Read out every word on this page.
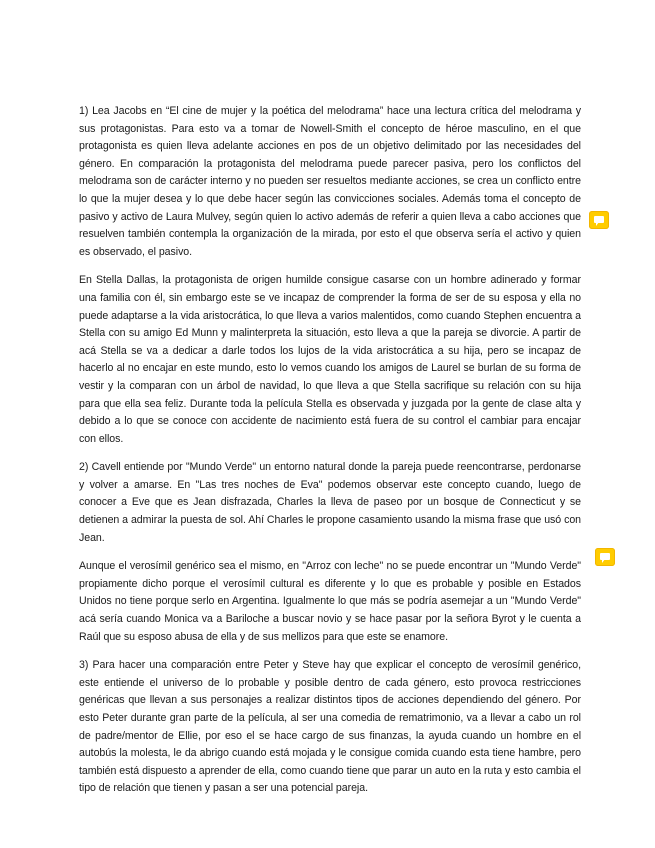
1) Lea Jacobs en “El cine de mujer y la poética del melodrama” hace una lectura crítica del melodrama y sus protagonistas. Para esto va a tomar de Nowell-Smith el concepto de héroe masculino, en el que protagonista es quien lleva adelante acciones en pos de un objetivo delimitado por las necesidades del género. En comparación la protagonista del melodrama puede parecer pasiva, pero los conflictos del melodrama son de carácter interno y no pueden ser resueltos mediante acciones, se crea un conflicto entre lo que la mujer desea y lo que debe hacer según las convicciones sociales. Además toma el concepto de pasivo y activo de Laura Mulvey, según quien lo activo además de referir a quien lleva a cabo acciones que resuelven también contempla la organización de la mirada, por esto el que observa sería el activo y quien es observado, el pasivo.

En Stella Dallas, la protagonista de origen humilde consigue casarse con un hombre adinerado y formar una familia con él, sin embargo este se ve incapaz de comprender la forma de ser de su esposa y ella no puede adaptarse a la vida aristocrática, lo que lleva a varios malentidos, como cuando Stephen encuentra a Stella con su amigo Ed Munn y malinterpreta la situación, esto lleva a que la pareja se divorcie. A partir de acá Stella se va a dedicar a darle todos los lujos de la vida aristocrática a su hija, pero se incapaz de hacerlo al no encajar en este mundo, esto lo vemos cuando los amigos de Laurel se burlan de su forma de vestir y la comparan con un árbol de navidad, lo que lleva a que Stella sacrifique su relación con su hija para que ella sea feliz. Durante toda la película Stella es observada y juzgada por la gente de clase alta y debido a lo que se conoce con accidente de nacimiento está fuera de su control el cambiar para encajar con ellos.

2) Cavell entiende por "Mundo Verde" un entorno natural donde la pareja puede reencontrarse, perdonarse y volver a amarse. En "Las tres noches de Eva" podemos observar este concepto cuando, luego de conocer a Eve que es Jean disfrazada, Charles la lleva de paseo por un bosque de Connecticut y se detienen a admirar la puesta de sol. Ahí Charles le propone casamiento usando la misma frase que usó con Jean.

Aunque el verosímil genérico sea el mismo, en "Arroz con leche" no se puede encontrar un "Mundo Verde" propiamente dicho porque el verosímil cultural es diferente y lo que es probable y posible en Estados Unidos no tiene porque serlo en Argentina. Igualmente lo que más se podría asemejar a un "Mundo Verde" acá sería cuando Monica va a Bariloche a buscar novio y se hace pasar por la señora Byrot y le cuenta a Raúl que su esposo abusa de ella y de sus mellizos para que este se enamore.

3) Para hacer una comparación entre Peter y Steve hay que explicar el concepto de verosímil genérico, este entiende el universo de lo probable y posible dentro de cada género, esto provoca restricciones genéricas que llevan a sus personajes a realizar distintos tipos de acciones dependiendo del género. Por esto Peter durante gran parte de la película, al ser una comedia de rematrimonio, va a llevar a cabo un rol de padre/mentor de Ellie, por eso el se hace cargo de sus finanzas, la ayuda cuando un hombre en el autobús la molesta, le da abrigo cuando está mojada y le consigue comida cuando esta tiene hambre, pero también está dispuesto a aprender de ella, como cuando tiene que parar un auto en la ruta y esto cambia el tipo de relación que tienen y pasan a ser una potencial pareja.
